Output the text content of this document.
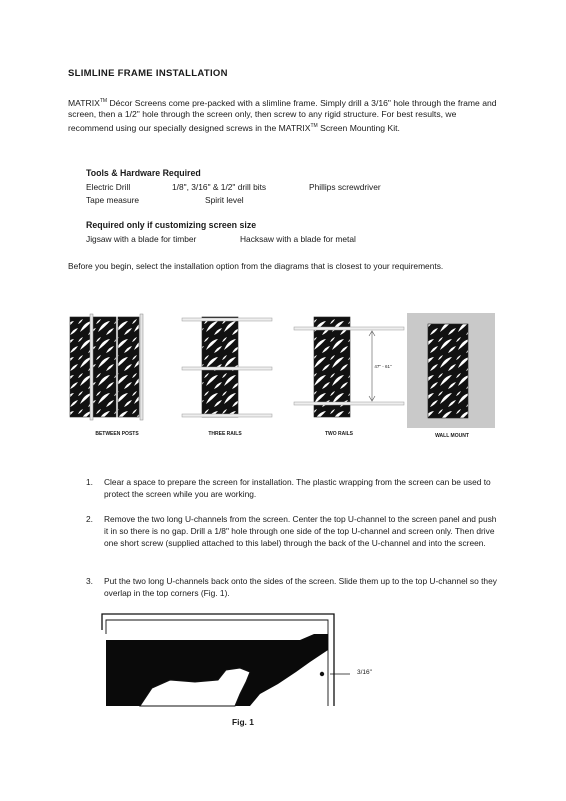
SLIMLINE FRAME INSTALLATION
MATRIX™ Décor Screens come pre-packed with a slimline frame. Simply drill a 3/16" hole through the frame and screen, then a 1/2" hole through the screen only, then screw to any rigid structure. For best results, we recommend using our specially designed screws in the MATRIX™ Screen Mounting Kit.
Tools & Hardware Required
Electric Drill	1/8", 3/16" & 1/2" drill bits	Phillips screwdriver
Tape measure	Spirit level
Required only if customizing screen size
Jigsaw with a blade for timber	Hacksaw with a blade for metal
Before you begin, select the installation option from the diagrams that is closest to your requirements.
BETWEEN POSTS	THREE RAILS	TWO RAILS	WALL MOUNT
47" - 61"
1.	Clear a space to prepare the screen for installation. The plastic wrapping from the screen can be used to protect the screen while you are working.
2.	Remove the two long U-channels from the screen. Center the top U-channel to the screen panel and push it in so there is no gap. Drill a 1/8" hole through one side of the top U-channel and screen only. Then drive one short screw (supplied attached to this label) through the back of the U-channel and into the screen.
3.	Put the two long U-channels back onto the sides of the screen. Slide them up to the top U-channel so they overlap in the top corners (Fig. 1).
3/16"
Fig. 1
